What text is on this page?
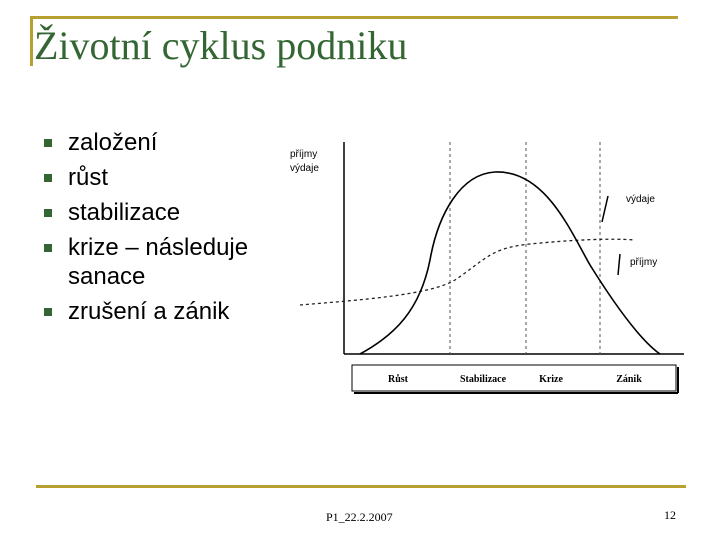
Životní cyklus podniku
založení
růst
stabilizace
krize – následuje sanace
zrušení a zánik
příjmy
výdaje
výdaje
příjmy
Růst	Stabilizace	Krize	Zánik
P1_22.2.2007	12
